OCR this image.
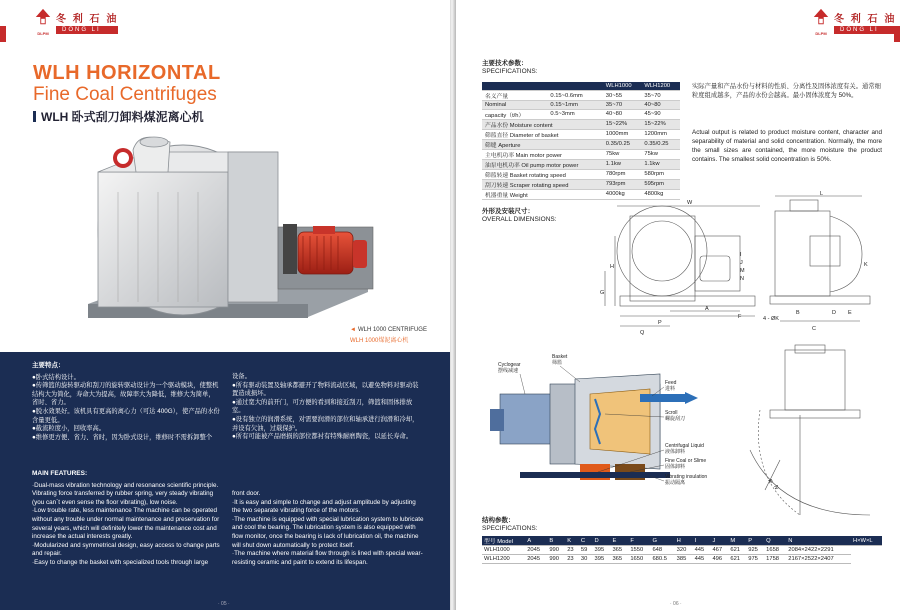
DLPM
冬 利 石 油
DONG LI
WLH HORIZONTAL
Fine Coal Centrifuges
WLH 卧式刮刀卸料煤泥离心机
◄ WLH 1000 CENTRIFUGE
WLH 1000煤泥离心机

主要特点：

●卧式结构设计。

●传筛篮的旋转驱动和刮刀的旋转驱动设计为一个驱动模块，使整机结构大为简化，寿命大为提高，故障率大为降低，维修大为简单，省时、省力。

●脱水效果好。该机具有更高的离心力（可达 400G），使产品的水份含量更低。

●截流粒度小，回收率高。

●维修更方便、省力、省时，因为卧式设计，维修时不需拆卸整个

设备。

●所有驱动装置及轴承都避开了物料流动区域，以避免物料对驱动装置造成损坏。

●通过宽大的前开门，可方便的看到和接近刮刀，筛篮和固体排放室。

●设有独立的润滑系统，对需要润滑的部位和轴承进行润滑和冷却，并设有欠油，过载保护。

●所有可能被产品磨损的部位都衬有特殊耐磨陶瓷，以延长寿命。

MAIN FEATURES:

·Dual-mass vibration technology and resonance scientific principle. Vibrating force transferred by rubber spring, very steady vibrating (you can`t even sense the floor vibrating), low noise.

·Low trouble rate, less maintenance The machine can be operated without any trouble under normal maintenance and preservation for several years, which will definitely lower the maintenance cost and increase the actual interests greatly.

·Modularized and symmetrical design, easy access to change parts and repair.

·Easy to change the basket with specialized tools through large

front door.

·It is easy and simple to change and adjust amplitude by adjusting the two separate vibrating force of the motors.

·The machine is equipped with special lubrication system to lubricate and cool the bearing. The lubrication system is also equipped with flow monitor, once the bearing is lack of lubrication oil, the machine will shut down automatically to protect itself.

·The machine where material flow through is lined with special wear-resisting ceramic and paint to extend its lifespan.

· 05 ·
DLPM
冬 利 石 油
DONG LI
主要技术参数：
SPECIFICATIONS:
		WLH1000	WLH1200
名义产量	0.15~0.6mm	30~55	35~70
Nominal	0.15~1mm	35~70	40~80
capacity（t/h）	0.5~3mm	40~80	45~90
产品水份 Moisture content		15~22%	15~22%
筛篮直径 Diameter of basket		1000mm	1200mm
筛缝 Aperture		0.35/0.25	0.35/0.25
主电机功率 Main motor power		75kw	75kw
油泵电机功率 Oil pump motor power		1.1kw	1.1kw
筛篮转速 Basket rotating speed		780rpm	580rpm
刮刀转速 Scraper rotating speed		793rpm	595rpm
机器重量 Weight		4000kg	4800kg
实际产量和产品水份与材料的性质、分离性及固体浓度有关。通常细粒度组成越多，产品的水份会越高。最小固体浓度为 50%。
Actual output is related to product moisture content, character and separability of material and solid concentration. Normally, the more the small sizes are contained, the more moisture the product contains. The smallest solid concentration is 50%.
外形及安装尺寸：
OVERALL DIMENSIONS:
W
L
H
G
A
P
Q
F
B
C
D E
4 - ØK
I
J
M
N
K
Cyclogear
摆线减速
Basket
筛篮
Feed
进料
Scroll
螺旋刮刀
Centrifugal Liquid
液体卸料
Fine Coal or Slime
固体卸料
Vibrating insulation
振动隔离	R
N
结构参数：
SPECIFICATIONS:
型号 Model	A	B	K	C	D	E	F	G	H	I	J	M	P	Q	N	H×W×L
WLH1000	2045	990	23	59	395	365	1550	648	320	445	467	621	925	1658	2084×2422×2291	
WLH1200	2045	990	23	30	395	365	1650	680.5	385	445	496	621	975	1758	2167×2522×2407	
· 06 ·
